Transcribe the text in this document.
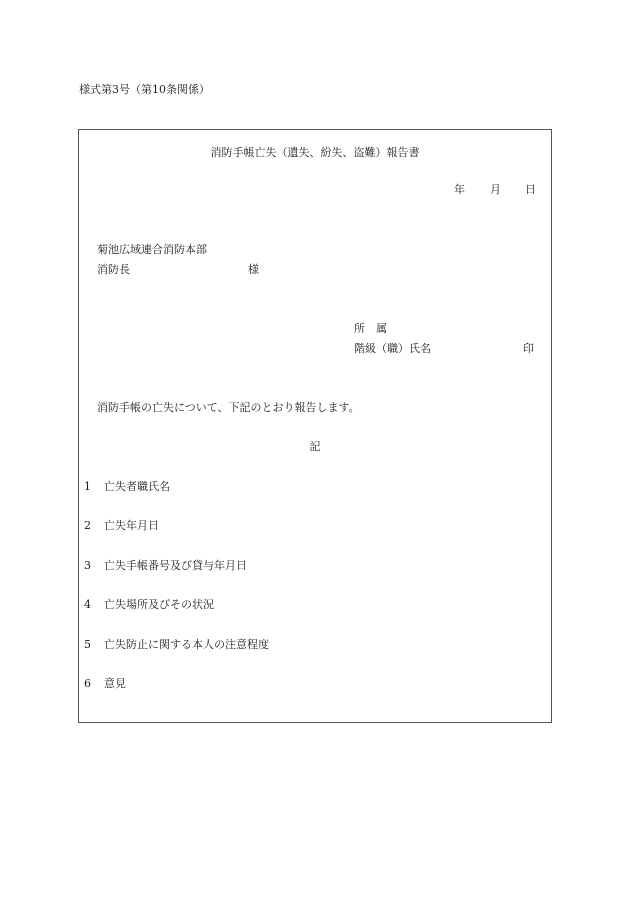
様式第3号（第10条関係）
消防手帳亡失（遺失、紛失、盗難）報告書
年 月 日
菊池広域連合消防本部
消防長	様
所　属
階級（職）氏名	印
消防手帳の亡失について、下記のとおり報告します。
記
1 亡失者職氏名
2 亡失年月日
3 亡失手帳番号及び貸与年月日
4 亡失場所及びその状況
5 亡失防止に関する本人の注意程度
6 意見
